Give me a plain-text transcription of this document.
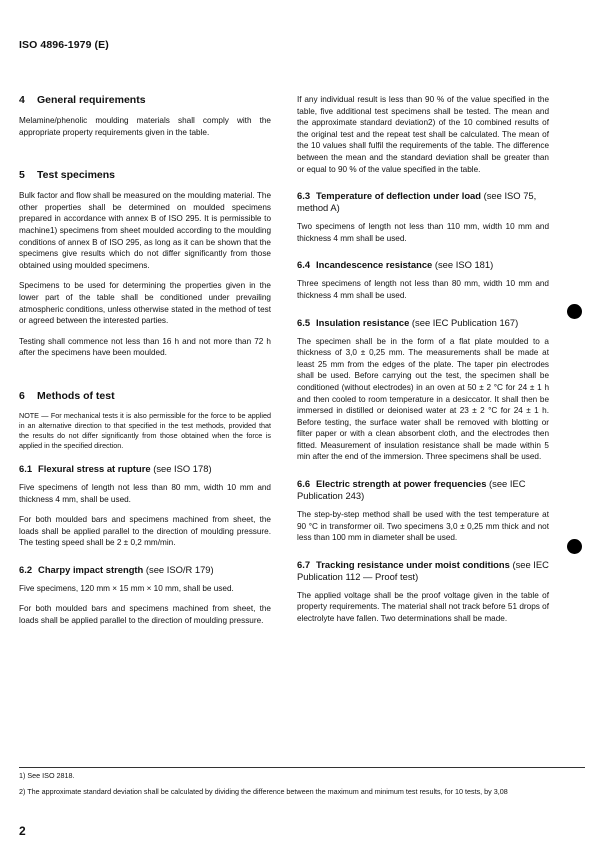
ISO 4896-1979 (E)
4 General requirements

Melamine/phenolic moulding materials shall comply with the appropriate property requirements given in the table.

5 Test specimens

Bulk factor and flow shall be measured on the moulding material. The other properties shall be determined on moulded specimens prepared in accordance with annex B of ISO 295. It is permissible to machine1) specimens from sheet moulded according to the moulding conditions of annex B of ISO 295, as long as it can be shown that the specimens give results which do not differ significantly from those obtained using moulded specimens.

Specimens to be used for determining the properties given in the lower part of the table shall be conditioned under prevailing atmospheric conditions, unless otherwise stated in the method of test or agreed between the interested parties.

Testing shall commence not less than 16 h and not more than 72 h after the specimens have been moulded.

6 Methods of test

NOTE — For mechanical tests it is also permissible for the force to be applied in an alternative direction to that specified in the test methods, provided that the results do not differ significantly from those obtained when the force is applied in the specified direction.

6.1 Flexural stress at rupture (see ISO 178)

Five specimens of length not less than 80 mm, width 10 mm and thickness 4 mm, shall be used.

For both moulded bars and specimens machined from sheet, the loads shall be applied parallel to the direction of moulding pressure. The testing speed shall be 2 ± 0,2 mm/min.

6.2 Charpy impact strength (see ISO/R 179)

Five specimens, 120 mm × 15 mm × 10 mm, shall be used.

For both moulded bars and specimens machined from sheet, the loads shall be applied parallel to the direction of moulding pressure.

If any individual result is less than 90 % of the value specified in the table, five additional test specimens shall be tested. The mean and the approximate standard deviation2) of the 10 combined results of the original test and the repeat test shall be calculated. The mean of the 10 values shall fulfil the requirements of the table. The difference between the mean and the standard deviation shall be greater than or equal to 90 % of the value specified in the table.

6.3 Temperature of deflection under load (see ISO 75, method A)

Two specimens of length not less than 110 mm, width 10 mm and thickness 4 mm shall be used.

6.4 Incandescence resistance (see ISO 181)

Three specimens of length not less than 80 mm, width 10 mm and thickness 4 mm shall be used.

6.5 Insulation resistance (see IEC Publication 167)

The specimen shall be in the form of a flat plate moulded to a thickness of 3,0 ± 0,25 mm. The measurements shall be made at least 25 mm from the edges of the plate. The taper pin electrodes shall be used. Before carrying out the test, the specimen shall be conditioned (without electrodes) in an oven at 50 ± 2 °C for 24 ± 1 h and then cooled to room temperature in a desiccator. It shall then be immersed in distilled or deionised water at 23 ± 2 °C for 24 ± 1 h. Before testing, the surface water shall be removed with blotting or filter paper or with a clean absorbent cloth, and the electrodes then fitted. Measurement of insulation resistance shall be made within 5 min after the end of the immersion. Three specimens shall be used.

6.6 Electric strength at power frequencies (see IEC Publication 243)

The step-by-step method shall be used with the test temperature at 90 °C in transformer oil. Two specimens 3,0 ± 0,25 mm thick and not less than 100 mm in diameter shall be used.

6.7 Tracking resistance under moist conditions (see IEC Publication 112 — Proof test)

The applied voltage shall be the proof voltage given in the table of property requirements. The material shall not track before 51 drops of electrolyte have fallen. Two determinations shall be made.

1) See ISO 2818.

2) The approximate standard deviation shall be calculated by dividing the difference between the maximum and minimum test results, for 10 tests, by 3,08

2
